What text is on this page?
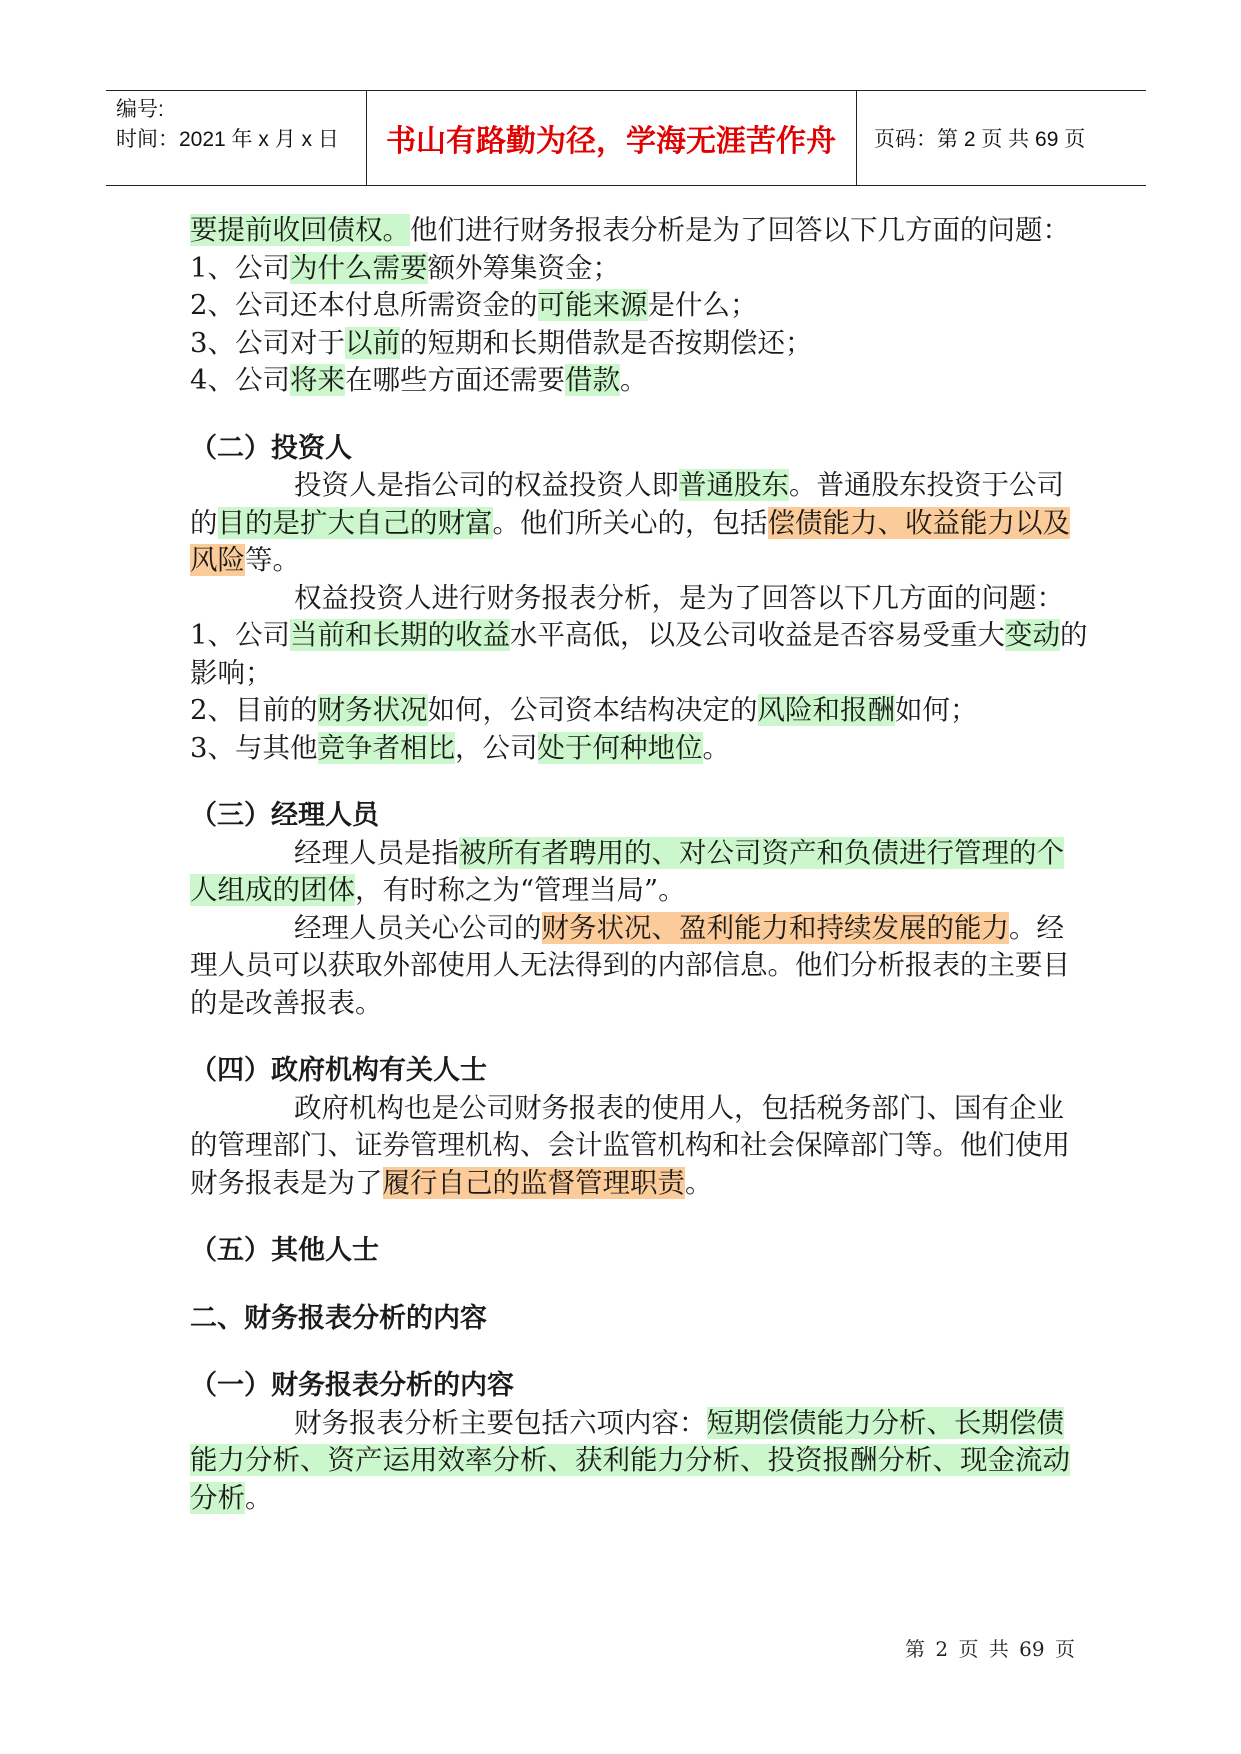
编号:
时间：2021 年 x 月 x 日	书山有路勤为径，学海无涯苦作舟	页码：第 2 页 共 69 页

要提前收回债权。他们进行财务报表分析是为了回答以下几方面的问题：

1、公司为什么需要额外筹集资金；

2、公司还本付息所需资金的可能来源是什么；

3、公司对于以前的短期和长期借款是否按期偿还；

4、公司将来在哪些方面还需要借款。

（二）投资人

投资人是指公司的权益投资人即普通股东。普通股东投资于公司的目的是扩大自己的财富。他们所关心的，包括偿债能力、收益能力以及风险等。

权益投资人进行财务报表分析，是为了回答以下几方面的问题：

1、公司当前和长期的收益水平高低，以及公司收益是否容易受重大变动的影响；

2、目前的财务状况如何，公司资本结构决定的风险和报酬如何；

3、与其他竞争者相比，公司处于何种地位。

（三）经理人员

经理人员是指被所有者聘用的、对公司资产和负债进行管理的个人组成的团体，有时称之为“管理当局”。

经理人员关心公司的财务状况、盈利能力和持续发展的能力。经理人员可以获取外部使用人无法得到的内部信息。他们分析报表的主要目的是改善报表。

（四）政府机构有关人士

政府机构也是公司财务报表的使用人，包括税务部门、国有企业的管理部门、证券管理机构、会计监管机构和社会保障部门等。他们使用财务报表是为了履行自己的监督管理职责。

（五）其他人士
二、财务报表分析的内容
（一）财务报表分析的内容

财务报表分析主要包括六项内容：短期偿债能力分析、长期偿债能力分析、资产运用效率分析、获利能力分析、投资报酬分析、现金流动分析。

第 2 页 共 69 页
